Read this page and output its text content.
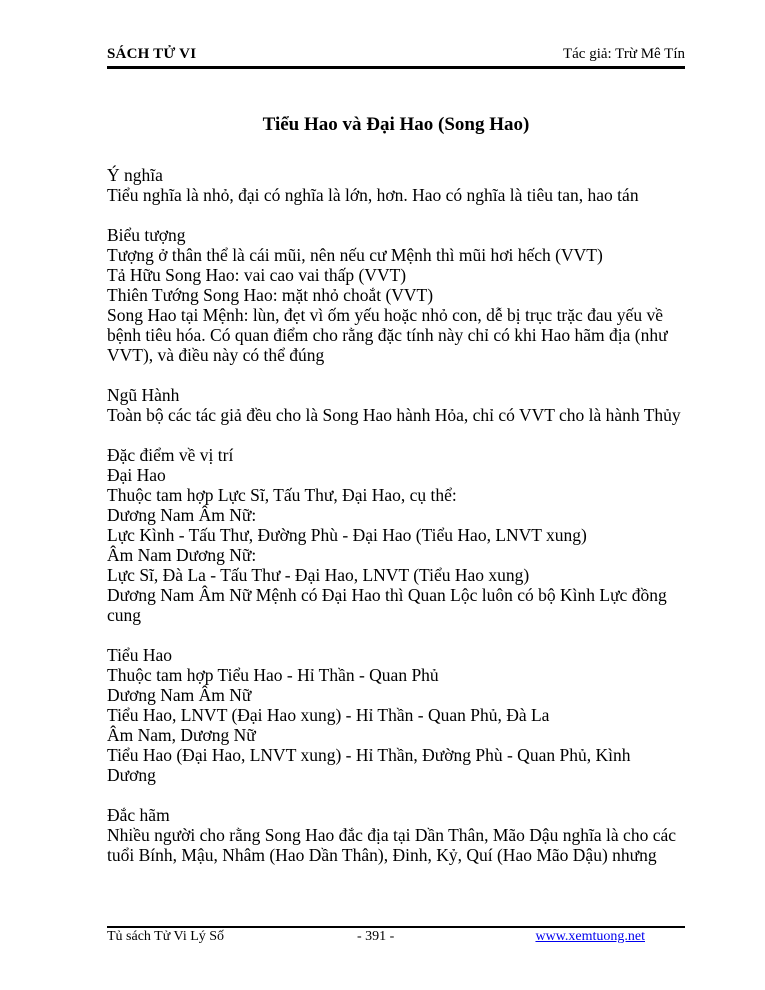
SÁCH TỬ VI	Tác giả: Trừ Mê Tín
Tiểu Hao và Đại Hao (Song Hao)
Ý nghĩa
Tiểu nghĩa là nhỏ, đại có nghĩa là lớn, hơn. Hao có nghĩa là tiêu tan, hao tán
Biểu tượng
Tượng ở thân thể là cái mũi, nên nếu cư Mệnh thì mũi hơi hếch (VVT)
Tả Hữu Song Hao: vai cao vai thấp (VVT)
Thiên Tướng Song Hao: mặt nhỏ choắt (VVT)
Song Hao tại Mệnh: lùn, đẹt vì ốm yếu hoặc nhỏ con, dễ bị trục trặc đau yếu về
bệnh tiêu hóa. Có quan điểm cho rằng đặc tính này chỉ có khi Hao hãm địa (như
VVT), và điều này có thể đúng
Ngũ Hành
Toàn bộ các tác giả đều cho là Song Hao hành Hỏa, chỉ có VVT cho là hành Thủy
Đặc điểm về vị trí
Đại Hao
Thuộc tam hợp Lực Sĩ, Tấu Thư, Đại Hao, cụ thể:
Dương Nam Âm Nữ:
Lực Kình - Tấu Thư, Đường Phù - Đại Hao (Tiểu Hao, LNVT xung)
Âm Nam Dương Nữ:
Lực Sĩ, Đà La - Tấu Thư - Đại Hao, LNVT (Tiểu Hao xung)
Dương Nam Âm Nữ Mệnh có Đại Hao thì Quan Lộc luôn có bộ Kình Lực đồng
cung
Tiểu Hao
Thuộc tam hợp Tiểu Hao - Hỉ Thần - Quan Phủ
Dương Nam Âm Nữ
Tiểu Hao, LNVT (Đại Hao xung) - Hỉ Thần - Quan Phủ, Đà La
Âm Nam, Dương Nữ
Tiểu Hao (Đại Hao, LNVT xung) - Hỉ Thần, Đường Phù - Quan Phủ, Kình
Dương
Đắc hãm
Nhiều người cho rằng Song Hao đắc địa tại Dần Thân, Mão Dậu nghĩa là cho các
tuổi Bính, Mậu, Nhâm (Hao Dần Thân), Đinh, Kỷ, Quí (Hao Mão Dậu) nhưng
Tủ sách Tử Vi Lý Số	- 391 -	www.xemtuong.net
